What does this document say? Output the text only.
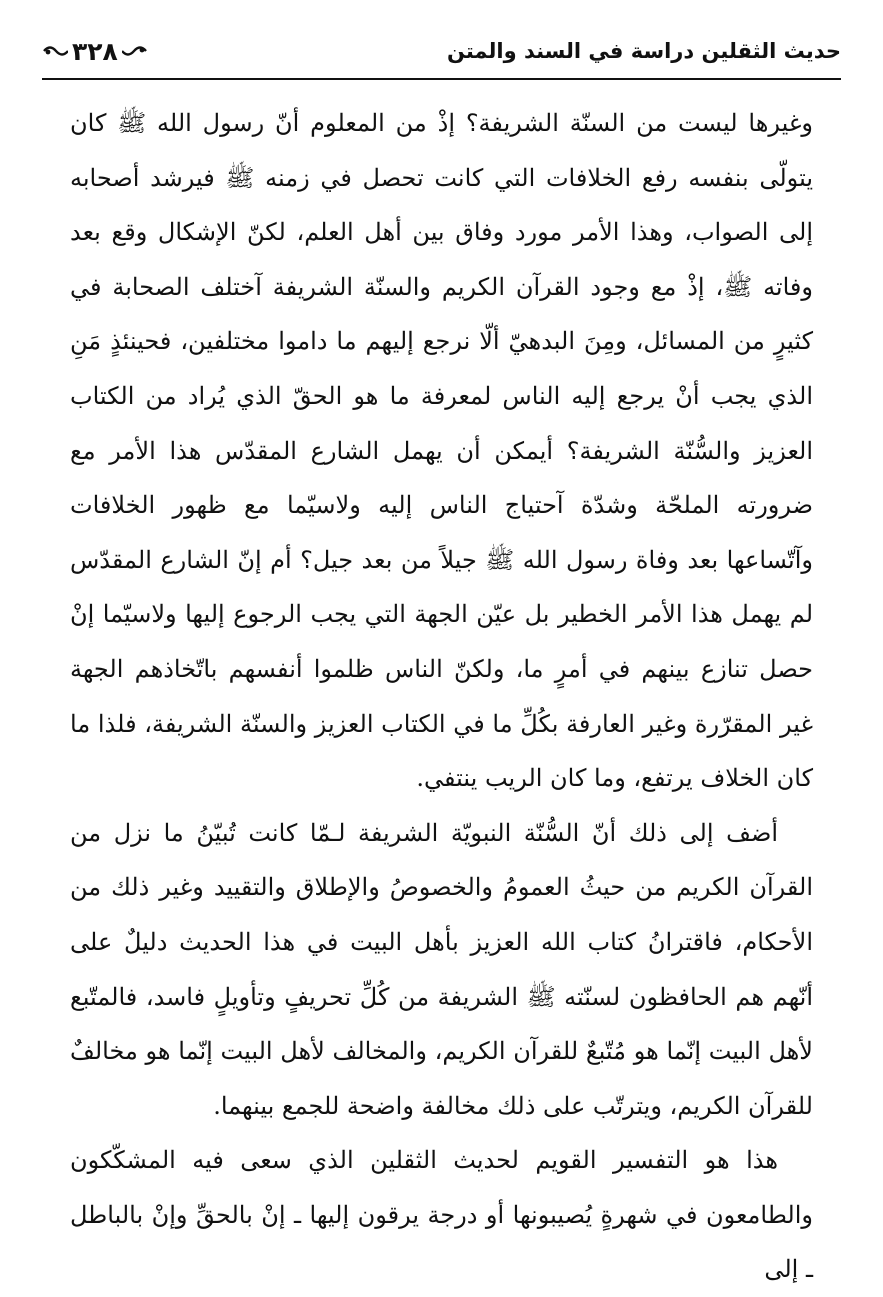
حديث الثقلين دراسة في السند والمتن
٣٢٨

وغيرها ليست من السنّة الشريفة؟ إذْ من المعلوم أنّ رسول الله ﷺ كان يتولّى بنفسه رفع الخلافات التي كانت تحصل في زمنه ﷺ فيرشد أصحابه إلى الصواب، وهذا الأمر مورد وفاق بين أهل العلم، لكنّ الإشكال وقع بعد وفاته ﷺ، إذْ مع وجود القرآن الكريم والسنّة الشريفة آختلف الصحابة في كثيرٍ من المسائل، ومِنَ البدهيّ ألّا نرجع إليهم ما داموا مختلفين، فحينئذٍ مَنِ الذي يجب أنْ يرجع إليه الناس لمعرفة ما هو الحقّ الذي يُراد من الكتاب العزيز والسُّنّة الشريفة؟ أيمكن أن يهمل الشارع المقدّس هذا الأمر مع ضرورته الملحّة وشدّة آحتياج الناس إليه ولاسيّما مع ظهور الخلافات وآتّساعها بعد وفاة رسول الله ﷺ جيلاً من بعد جيل؟ أم إنّ الشارع المقدّس لم يهمل هذا الأمر الخطير بل عيّن الجهة التي يجب الرجوع إليها ولاسيّما إنْ حصل تنازع بينهم في أمرٍ ما، ولكنّ الناس ظلموا أنفسهم باتّخاذهم الجهة غير المقرّرة وغير العارفة بكُلِّ ما في الكتاب العزيز والسنّة الشريفة، فلذا ما كان الخلاف يرتفع، وما كان الريب ينتفي.

أضف إلى ذلك أنّ السُّنّة النبويّة الشريفة لـمّا كانت تُبيّنُ ما نزل من القرآن الكريم من حيثُ العمومُ والخصوصُ والإطلاق والتقييد وغير ذلك من الأحكام، فاقترانُ كتاب الله العزيز بأهل البيت في هذا الحديث دليلٌ على أنّهم هم الحافظون لسنّته ﷺ الشريفة من كُلِّ تحريفٍ وتأويلٍ فاسد، فالمتّبع لأهل البيت إنّما هو مُتّبعٌ للقرآن الكريم، والمخالف لأهل البيت إنّما هو مخالفٌ للقرآن الكريم، ويترتّب على ذلك مخالفة واضحة للجمع بينهما.

هذا هو التفسير القويم لحديث الثقلين الذي سعى فيه المشكّكون والطامعون في شهرةٍ يُصيبونها أو درجة يرقون إليها ـ إنْ بالحقِّ وإنْ بالباطل ـ إلى
